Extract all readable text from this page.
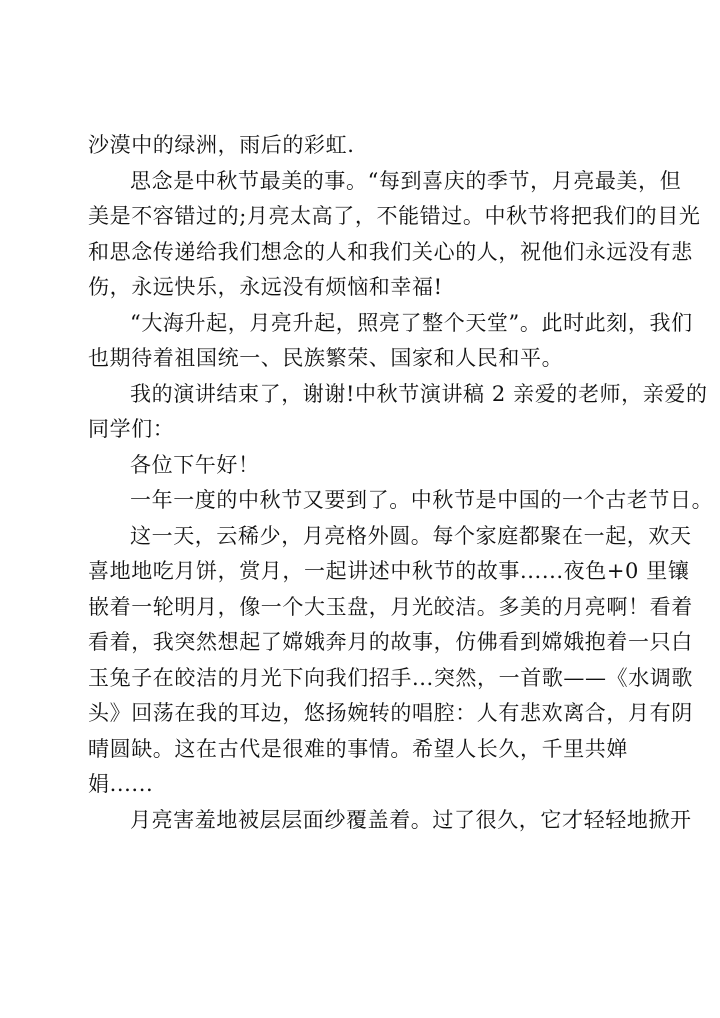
沙漠中的绿洲，雨后的彩虹.
思念是中秋节最美的事。“每到喜庆的季节，月亮最美，但
美是不容错过的;月亮太高了，不能错过。中秋节将把我们的目光
和思念传递给我们想念的人和我们关心的人，祝他们永远没有悲
伤，永远快乐，永远没有烦恼和幸福!
“大海升起，月亮升起，照亮了整个天堂”。此时此刻，我们
也期待着祖国统一、民族繁荣、国家和人民和平。
我的演讲结束了，谢谢!中秋节演讲稿 2 亲爱的老师，亲爱的
同学们：
各位下午好！
一年一度的中秋节又要到了。中秋节是中国的一个古老节日。
这一天，云稀少，月亮格外圆。每个家庭都聚在一起，欢天
喜地地吃月饼，赏月，一起讲述中秋节的故事......夜色+0 里镶
嵌着一轮明月，像一个大玉盘，月光皎洁。多美的月亮啊！看着
看着，我突然想起了嫦娥奔月的故事，仿佛看到嫦娥抱着一只白
玉兔子在皎洁的月光下向我们招手...突然，一首歌——《水调歌
头》回荡在我的耳边，悠扬婉转的唱腔：人有悲欢离合，月有阴
晴圆缺。这在古代是很难的事情。希望人长久，千里共婵
娟......
月亮害羞地被层层面纱覆盖着。过了很久，它才轻轻地掀开
